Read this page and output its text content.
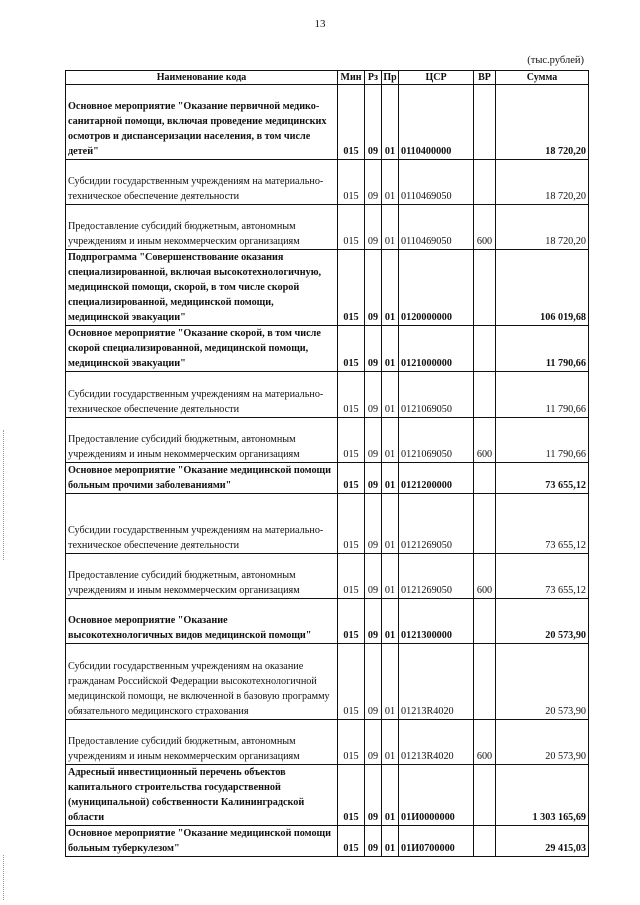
13
(тыс.рублей)
Наименование кода	Мин	Рз	Пр	ЦСР	ВР	Сумма
Основное мероприятие "Оказание первичной медико-санитарной помощи, включая проведение медицинских осмотров и диспансеризации населения, в том числе детей"	015	09	01	0110400000		18 720,20
Субсидии государственным учреждениям на материально-техническое обеспечение деятельности	015	09	01	0110469050		18 720,20
Предоставление субсидий бюджетным, автономным учреждениям и иным некоммерческим организациям	015	09	01	0110469050	600	18 720,20
Подпрограмма "Совершенствование оказания специализированной, включая высокотехнологичную, медицинской помощи, скорой, в том числе скорой специализированной, медицинской помощи, медицинской эвакуации"	015	09	01	0120000000		106 019,68
Основное мероприятие "Оказание скорой, в том числе скорой специализированной, медицинской помощи, медицинской эвакуации"	015	09	01	0121000000		11 790,66
Субсидии государственным учреждениям на материально-техническое обеспечение деятельности	015	09	01	0121069050		11 790,66
Предоставление субсидий бюджетным, автономным учреждениям и иным некоммерческим организациям	015	09	01	0121069050	600	11 790,66
Основное мероприятие "Оказание медицинской помощи больным прочими заболеваниями"	015	09	01	0121200000		73 655,12
Субсидии государственным учреждениям на материально-техническое обеспечение деятельности	015	09	01	0121269050		73 655,12
Предоставление субсидий бюджетным, автономным учреждениям и иным некоммерческим организациям	015	09	01	0121269050	600	73 655,12
Основное мероприятие "Оказание высокотехнологичных видов медицинской помощи"	015	09	01	0121300000		20 573,90
Субсидии государственным учреждениям на оказание гражданам Российской Федерации высокотехнологичной медицинской помощи, не включенной в базовую программу обязательного медицинского страхования	015	09	01	01213R4020		20 573,90
Предоставление субсидий бюджетным, автономным учреждениям и иным некоммерческим организациям	015	09	01	01213R4020	600	20 573,90
Адресный инвестиционный перечень объектов капитального строительства государственной (муниципальной) собственности Калининградской области	015	09	01	01И0000000		1 303 165,69
Основное мероприятие "Оказание медицинской помощи больным туберкулезом"	015	09	01	01И0700000		29 415,03
